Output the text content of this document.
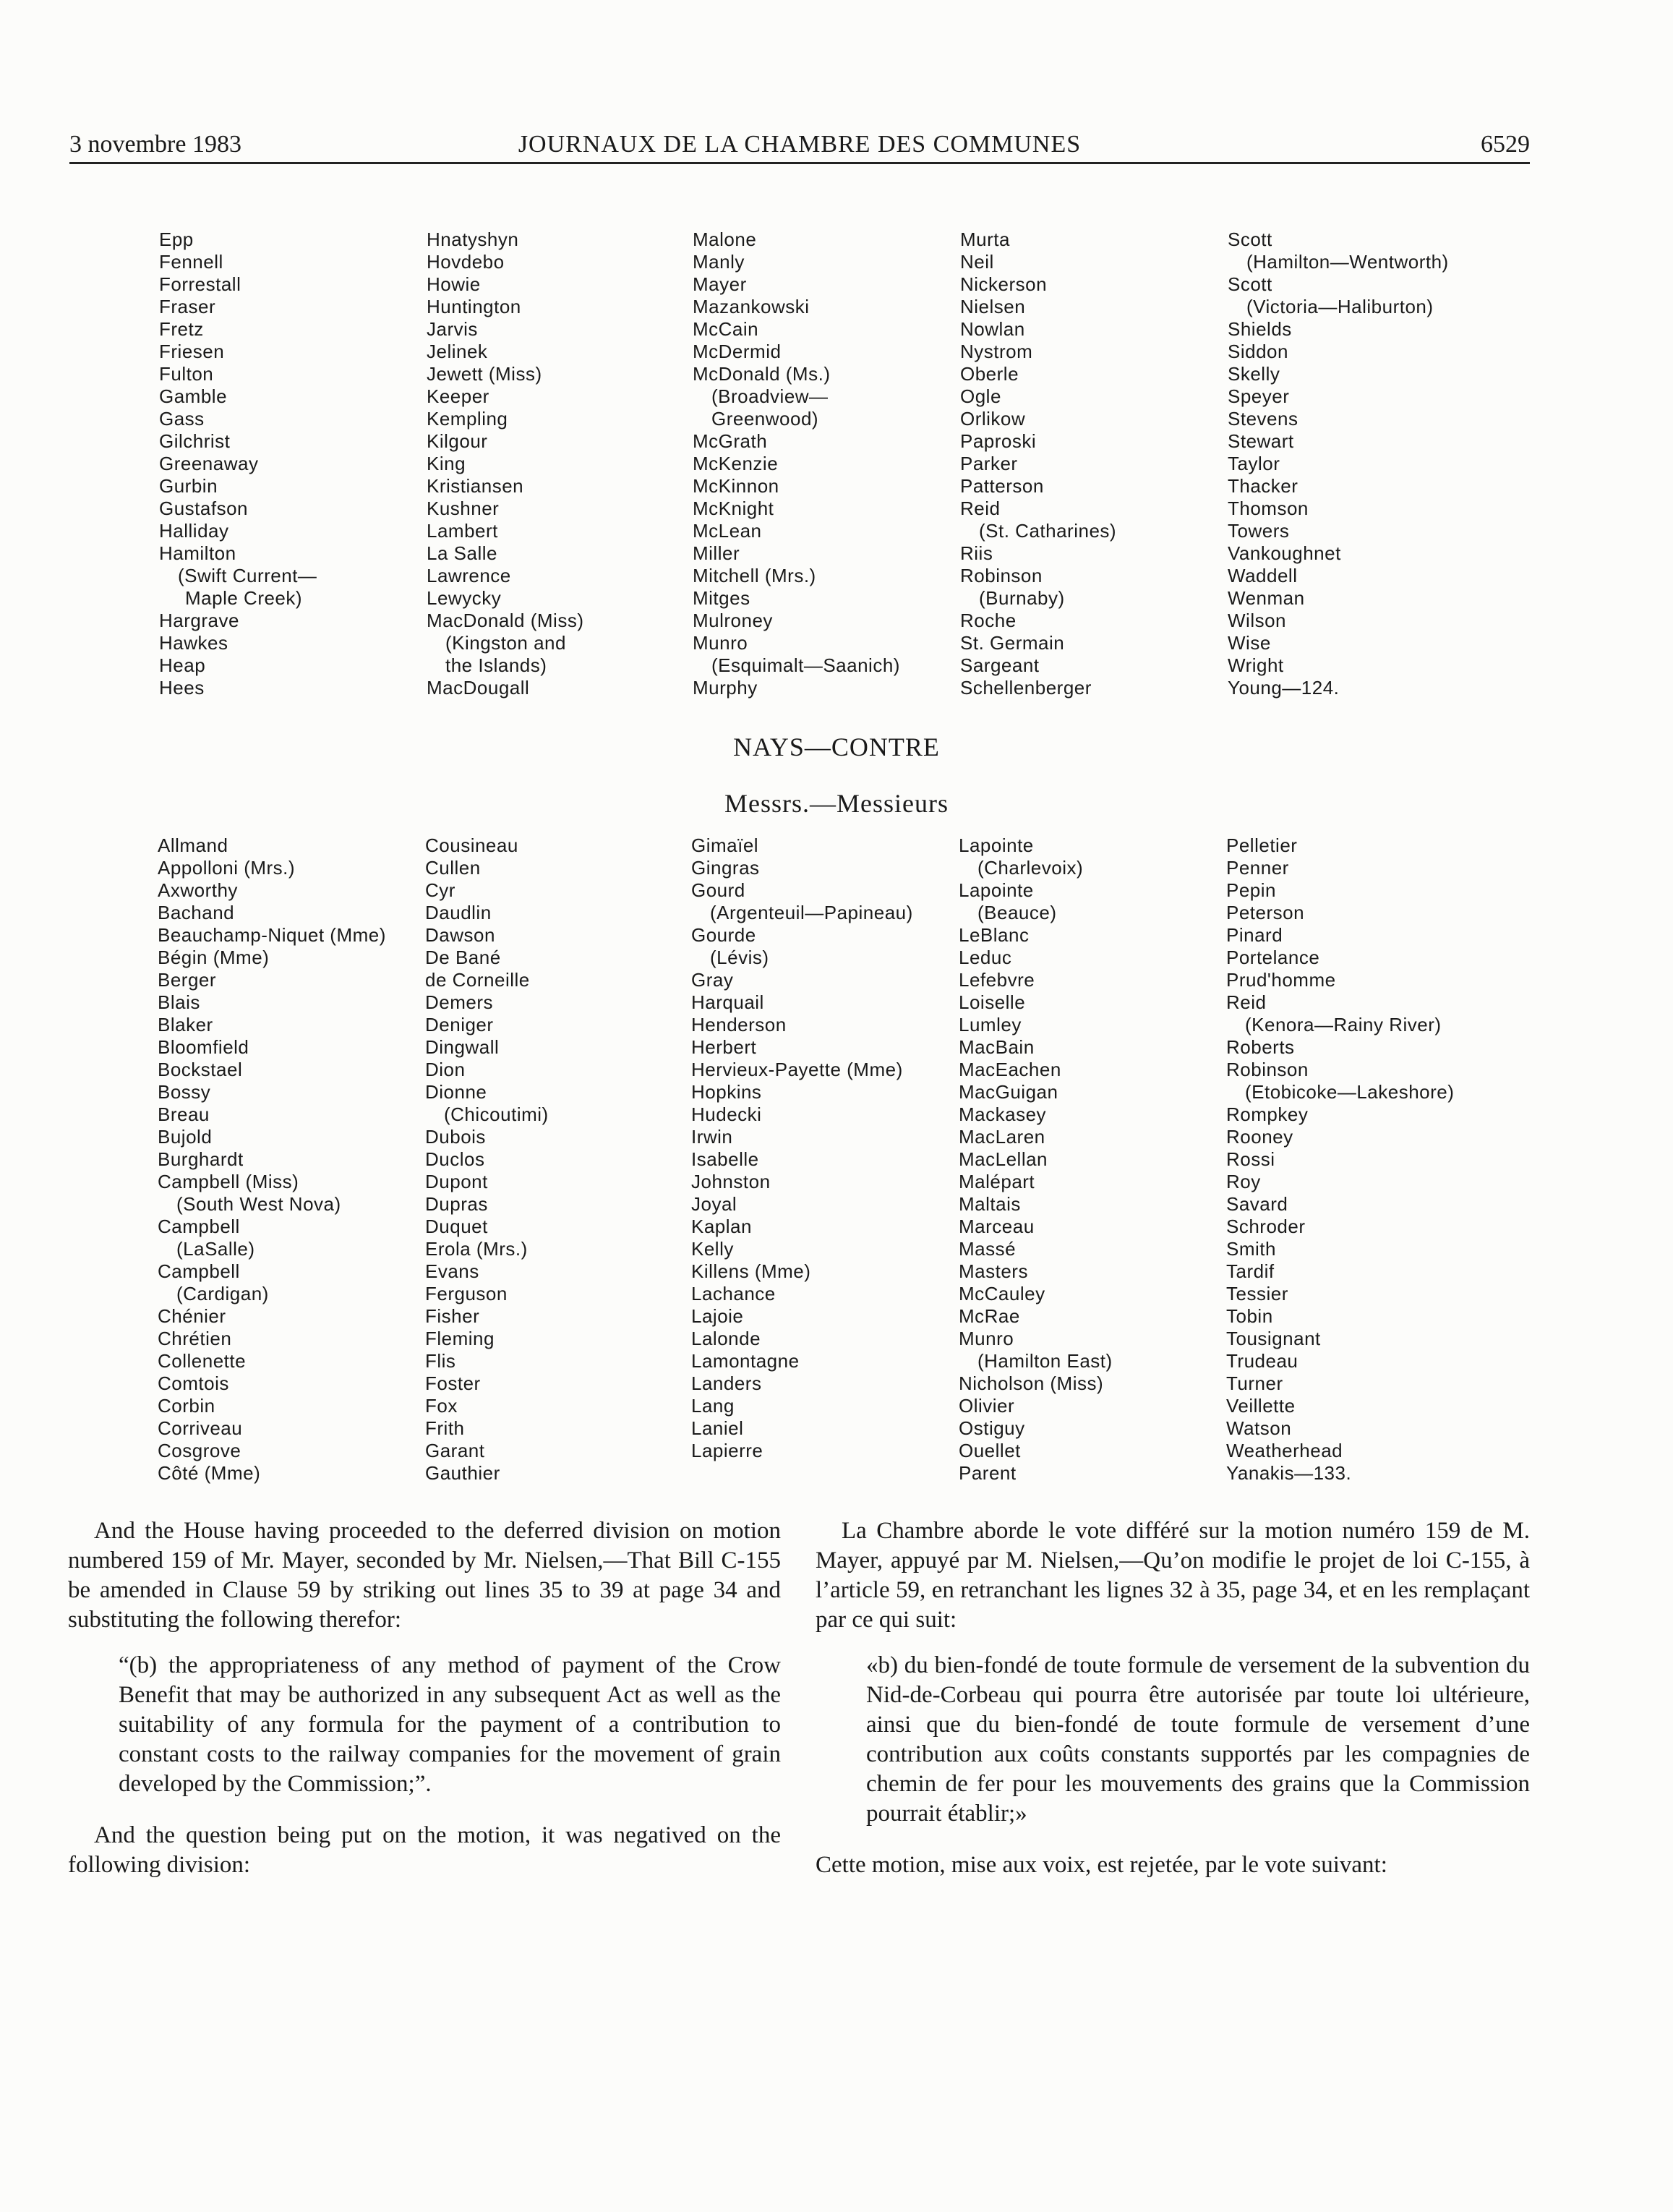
3 novembre 1983	JOURNAUX DE LA CHAMBRE DES COMMUNES	6529
Epp
Fennell
Forrestall
Fraser
Fretz
Friesen
Fulton
Gamble
Gass
Gilchrist
Greenaway
Gurbin
Gustafson
Halliday
Hamilton
(Swift Current—
Maple Creek)
Hargrave
Hawkes
Heap
Hees
Hnatyshyn
Hovdebo
Howie
Huntington
Jarvis
Jelinek
Jewett (Miss)
Keeper
Kempling
Kilgour
King
Kristiansen
Kushner
Lambert
La Salle
Lawrence
Lewycky
MacDonald (Miss)
(Kingston and
the Islands)
MacDougall
Malone
Manly
Mayer
Mazankowski
McCain
McDermid
McDonald (Ms.)
(Broadview—
Greenwood)
McGrath
McKenzie
McKinnon
McKnight
McLean
Miller
Mitchell (Mrs.)
Mitges
Mulroney
Munro
(Esquimalt—Saanich)
Murphy
Murta
Neil
Nickerson
Nielsen
Nowlan
Nystrom
Oberle
Ogle
Orlikow
Paproski
Parker
Patterson
Reid
(St. Catharines)
Riis
Robinson
(Burnaby)
Roche
St. Germain
Sargeant
Schellenberger
Scott
(Hamilton—Wentworth)
Scott
(Victoria—Haliburton)
Shields
Siddon
Skelly
Speyer
Stevens
Stewart
Taylor
Thacker
Thomson
Towers
Vankoughnet
Waddell
Wenman
Wilson
Wise
Wright
Young—124.
NAYS—CONTRE
Messrs.—Messieurs
Allmand
Appolloni (Mrs.)
Axworthy
Bachand
Beauchamp-Niquet (Mme)
Bégin (Mme)
Berger
Blais
Blaker
Bloomfield
Bockstael
Bossy
Breau
Bujold
Burghardt
Campbell (Miss)
(South West Nova)
Campbell
(LaSalle)
Campbell
(Cardigan)
Chénier
Chrétien
Collenette
Comtois
Corbin
Corriveau
Cosgrove
Côté (Mme)
Cousineau
Cullen
Cyr
Daudlin
Dawson
De Bané
de Corneille
Demers
Deniger
Dingwall
Dion
Dionne
(Chicoutimi)
Dubois
Duclos
Dupont
Dupras
Duquet
Erola (Mrs.)
Evans
Ferguson
Fisher
Fleming
Flis
Foster
Fox
Frith
Garant
Gauthier
Gimaïel
Gingras
Gourd
(Argenteuil—Papineau)
Gourde
(Lévis)
Gray
Harquail
Henderson
Herbert
Hervieux-Payette (Mme)
Hopkins
Hudecki
Irwin
Isabelle
Johnston
Joyal
Kaplan
Kelly
Killens (Mme)
Lachance
Lajoie
Lalonde
Lamontagne
Landers
Lang
Laniel
Lapierre
Lapointe
(Charlevoix)
Lapointe
(Beauce)
LeBlanc
Leduc
Lefebvre
Loiselle
Lumley
MacBain
MacEachen
MacGuigan
Mackasey
MacLaren
MacLellan
Malépart
Maltais
Marceau
Massé
Masters
McCauley
McRae
Munro
(Hamilton East)
Nicholson (Miss)
Olivier
Ostiguy
Ouellet
Parent
Pelletier
Penner
Pepin
Peterson
Pinard
Portelance
Prud'homme
Reid
(Kenora—Rainy River)
Roberts
Robinson
(Etobicoke—Lakeshore)
Rompkey
Rooney
Rossi
Roy
Savard
Schroder
Smith
Tardif
Tessier
Tobin
Tousignant
Trudeau
Turner
Veillette
Watson
Weatherhead
Yanakis—133.

And the House having proceeded to the deferred division on motion numbered 159 of Mr. Mayer, seconded by Mr. Nielsen,—That Bill C-155 be amended in Clause 59 by striking out lines 35 to 39 at page 34 and substituting the following therefor:

“(b) the appropriateness of any method of payment of the Crow Benefit that may be authorized in any subsequent Act as well as the suitability of any formula for the payment of a contribution to constant costs to the railway companies for the movement of grain developed by the Commission;”.

And the question being put on the motion, it was negatived on the following division:

La Chambre aborde le vote différé sur la motion numéro 159 de M. Mayer, appuyé par M. Nielsen,—Qu’on modifie le projet de loi C-155, à l’article 59, en retranchant les lignes 32 à 35, page 34, et en les remplaçant par ce qui suit:

«b) du bien-fondé de toute formule de versement de la subvention du Nid-de-Corbeau qui pourra être autorisée par toute loi ultérieure, ainsi que du bien-fondé de toute formule de versement d’une contribution aux coûts constants supportés par les compagnies de chemin de fer pour les mouvements des grains que la Commission pourrait établir;»

Cette motion, mise aux voix, est rejetée, par le vote suivant:
